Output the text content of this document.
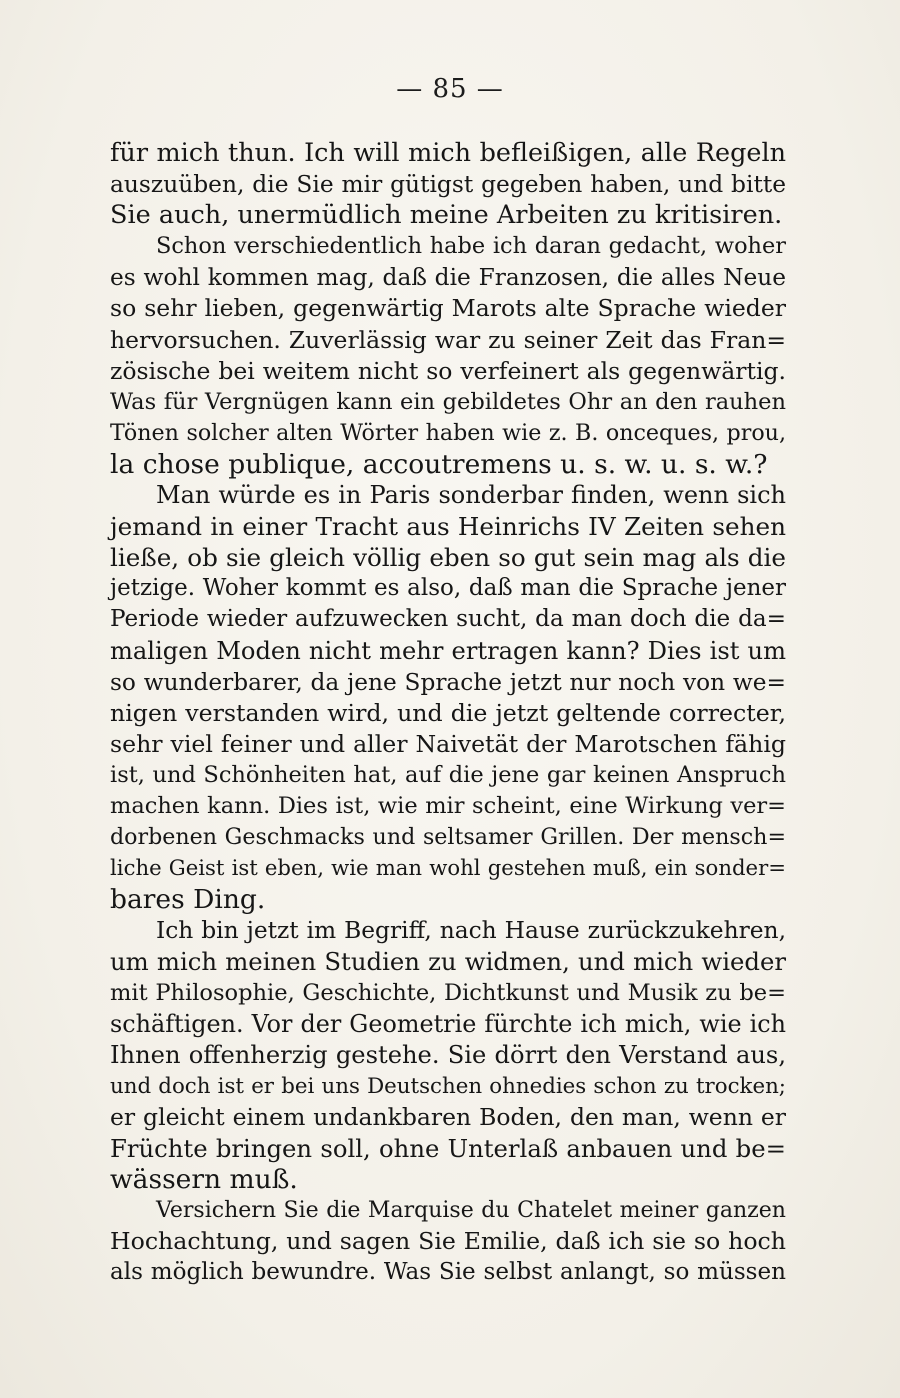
— 85 —
für mich thun. Ich will mich befleißigen, alle Regeln
auszuüben, die Sie mir gütigst gegeben haben, und bitte
Sie auch, unermüdlich meine Arbeiten zu kritisiren.
Schon verschiedentlich habe ich daran gedacht, woher
es wohl kommen mag, daß die Franzosen, die alles Neue
so sehr lieben, gegenwärtig Marots alte Sprache wieder
hervorsuchen. Zuverlässig war zu seiner Zeit das Fran=
zösische bei weitem nicht so verfeinert als gegenwärtig.
Was für Vergnügen kann ein gebildetes Ohr an den rauhen
Tönen solcher alten Wörter haben wie z. B. onceques, prou,
la chose publique, accoutremens u. s. w. u. s. w.?
Man würde es in Paris sonderbar finden, wenn sich
jemand in einer Tracht aus Heinrichs IV Zeiten sehen
ließe, ob sie gleich völlig eben so gut sein mag als die
jetzige. Woher kommt es also, daß man die Sprache jener
Periode wieder aufzuwecken sucht, da man doch die da=
maligen Moden nicht mehr ertragen kann? Dies ist um
so wunderbarer, da jene Sprache jetzt nur noch von we=
nigen verstanden wird, und die jetzt geltende correcter,
sehr viel feiner und aller Naivetät der Marotschen fähig
ist, und Schönheiten hat, auf die jene gar keinen Anspruch
machen kann. Dies ist, wie mir scheint, eine Wirkung ver=
dorbenen Geschmacks und seltsamer Grillen. Der mensch=
liche Geist ist eben, wie man wohl gestehen muß, ein sonder=
bares Ding.
Ich bin jetzt im Begriff, nach Hause zurückzukehren,
um mich meinen Studien zu widmen, und mich wieder
mit Philosophie, Geschichte, Dichtkunst und Musik zu be=
schäftigen. Vor der Geometrie fürchte ich mich, wie ich
Ihnen offenherzig gestehe. Sie dörrt den Verstand aus,
und doch ist er bei uns Deutschen ohnedies schon zu trocken;
er gleicht einem undankbaren Boden, den man, wenn er
Früchte bringen soll, ohne Unterlaß anbauen und be=
wässern muß.
Versichern Sie die Marquise du Chatelet meiner ganzen
Hochachtung, und sagen Sie Emilie, daß ich sie so hoch
als möglich bewundre. Was Sie selbst anlangt, so müssen
